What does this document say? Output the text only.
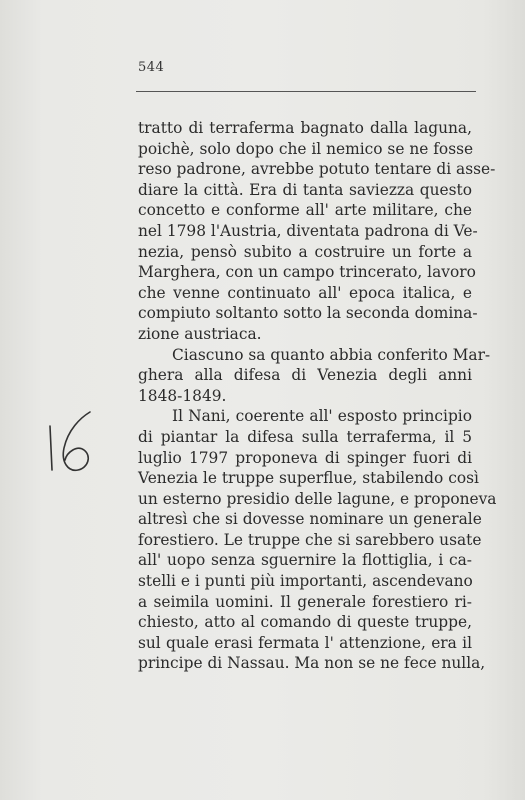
544
tratto di terraferma bagnato dalla laguna,
poichè, solo dopo che il nemico se ne fosse
reso padrone, avrebbe potuto tentare di asse-
diare la città. Era di tanta saviezza questo
concetto e conforme all' arte militare, che
nel 1798 l'Austria, diventata padrona di Ve-
nezia, pensò subito a costruire un forte a
Marghera, con un campo trincerato, lavoro
che venne continuato all' epoca italica, e
compiuto soltanto sotto la seconda domina-
zione austriaca.
Ciascuno sa quanto abbia conferito Mar-
ghera alla difesa di Venezia degli anni
1848-1849.
Il Nani, coerente all' esposto principio
di piantar la difesa sulla terraferma, il 5
luglio 1797 proponeva di spinger fuori di
Venezia le truppe superflue, stabilendo così
un esterno presidio delle lagune, e proponeva
altresì che si dovesse nominare un generale
forestiero. Le truppe che si sarebbero usate
all' uopo senza sguernire la flottiglia, i ca-
stelli e i punti più importanti, ascendevano
a seimila uomini. Il generale forestiero ri-
chiesto, atto al comando di queste truppe,
sul quale erasi fermata l' attenzione, era il
principe di Nassau. Ma non se ne fece nulla,
